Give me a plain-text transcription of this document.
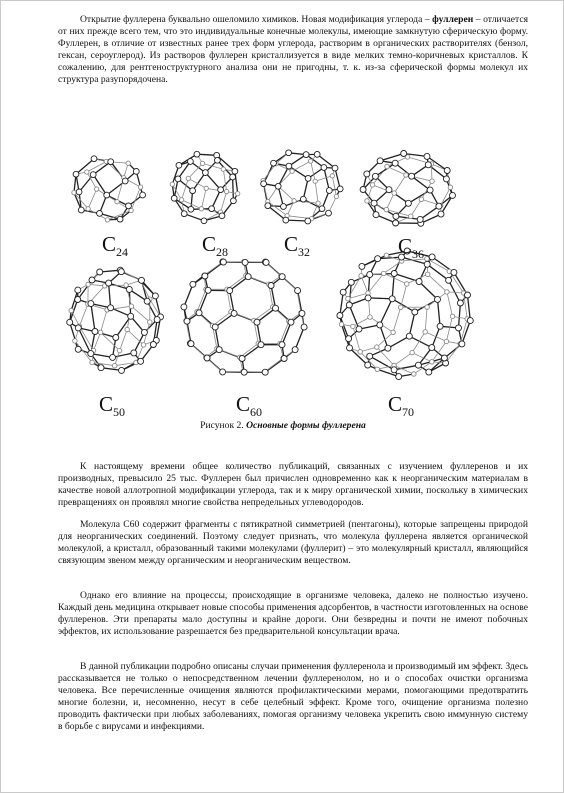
Открытие фуллерена буквально ошеломило химиков. Новая модификация углерода – фуллерен – отличается от них прежде всего тем, что это индивидуальные конечные молекулы, имеющие замкнутую сферическую форму. Фуллерен, в отличие от известных ранее трех форм углерода, растворим в органических растворителях (бензол, гексан, сероуглерод). Из растворов фуллерен кристаллизуется в виде мелких темно-коричневых кристаллов. К сожалению, для рентгеноструктурного анализа они не пригодны, т. к. из-за сферической формы молекул их структура разупорядочена.

$C_{24}$	$C_{28}$	$C_{32}$	$C_{36}$
$C_{50}$	$C_{60}$	$C_{70}$
Рисунок 2. Основные формы фуллерена

К настоящему времени общее количество публикаций, связанных с изучением фуллеренов и их производных, превысило 25 тыс. Фуллерен был причислен одновременно как к неорганическим материалам в качестве новой аллотропной модификации углерода, так и к миру органической химии, поскольку в химических превращениях он проявлял многие свойства непредельных углеводородов.

Молекула С60 содержит фрагменты с пятикратной симметрией (пентагоны), которые запрещены природой для неорганических соединений. Поэтому следует признать, что молекула фуллерена является органической молекулой, а кристалл, образованный такими молекулами (фуллерит) – это молекулярный кристалл, являющийся связующим звеном между органическим и неорганическим веществом.

Однако его влияние на процессы, происходящие в организме человека, далеко не полностью изучено. Каждый день медицина открывает новые способы применения адсорбентов, в частности изготовленных на основе фуллеренов. Эти препараты мало доступны и крайне дороги. Они безвредны и почти не имеют побочных эффектов, их использование разрешается без предварительной консультации врача.

В данной публикации подробно описаны случаи применения фуллеренола и производимый им эффект. Здесь рассказывается не только о непосредственном лечении фуллеренолом, но и о способах очистки организма человека. Все перечисленные очищения являются профилактическими мерами, помогающими предотвратить многие болезни, и, несомненно, несут в себе целебный эффект. Кроме того, очищение организма полезно проводить фактически при любых заболеваниях, помогая организму человека укрепить свою иммунную систему в борьбе с вирусами и инфекциями.
